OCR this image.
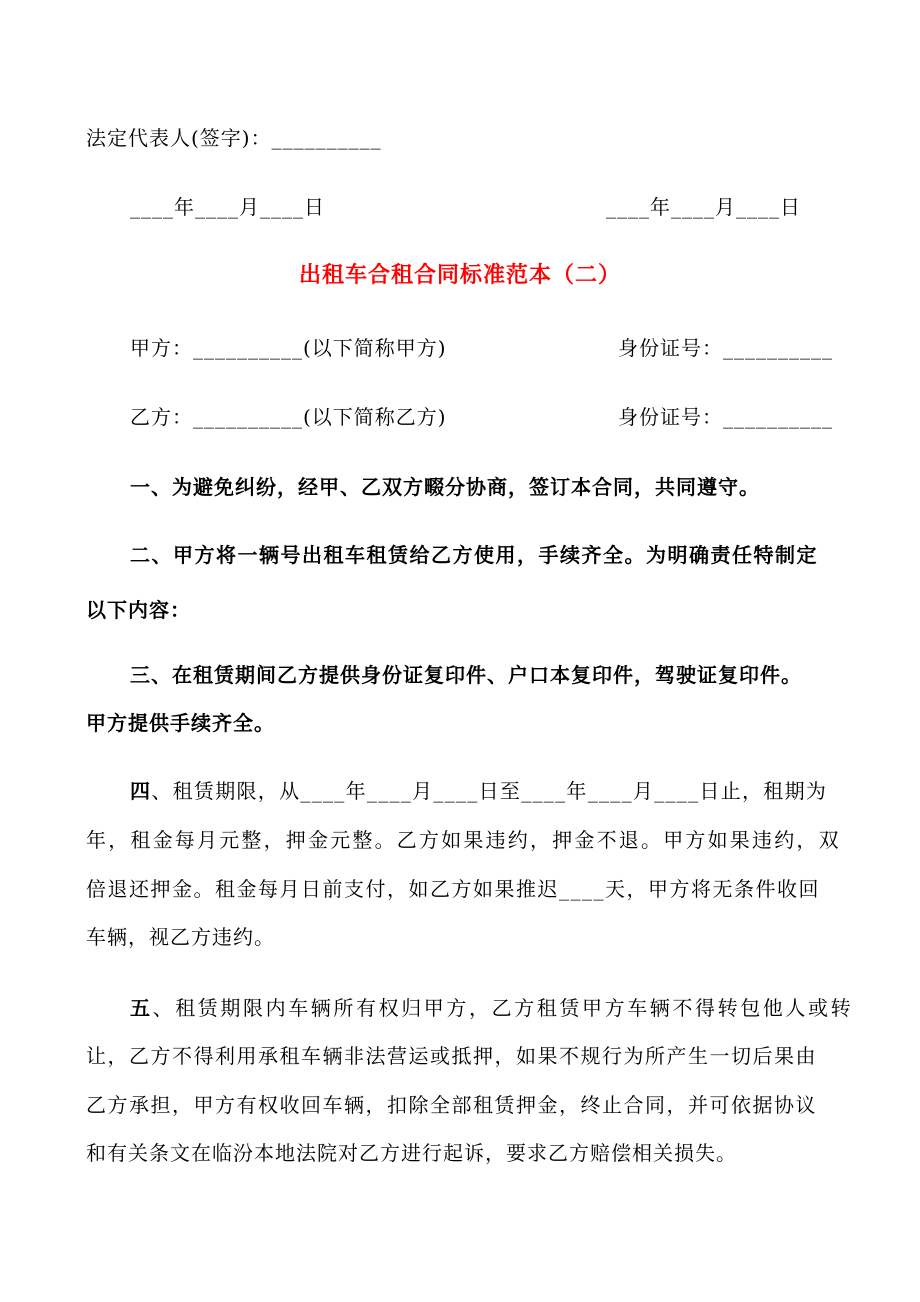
法定代表人(签字)：__________
____年____月____日	____年____月____日
出租车合租合同标准范本（二）
甲方：__________(以下简称甲方)	身份证号：__________
乙方：__________(以下简称乙方)	身份证号：__________
一、为避免纠纷，经甲、乙双方畷分协商，签订本合同，共同遵守。
二、甲方将一辆号出租车租赁给乙方使用，手续齐全。为明确责任特制定
以下内容：
三、在租赁期间乙方提供身份证复印件、户口本复印件，驾驶证复印件。
甲方提供手续齐全。
四、租赁期限，从____年____月____日至____年____月____日止，租期为
年，租金每月元整，押金元整。乙方如果违约，押金不退。甲方如果违约，双
倍退还押金。租金每月日前支付，如乙方如果推迟____天，甲方将无条件收回
车辆，视乙方违约。
五、租赁期限内车辆所有权归甲方，乙方租赁甲方车辆不得转包他人或转
让，乙方不得利用承租车辆非法营运或抵押，如果不规行为所产生一切后果由
乙方承担，甲方有权收回车辆，扣除全部租赁押金，终止合同，并可依据协议
和有关条文在临汾本地法院对乙方进行起诉，要求乙方赔偿相关损失。
